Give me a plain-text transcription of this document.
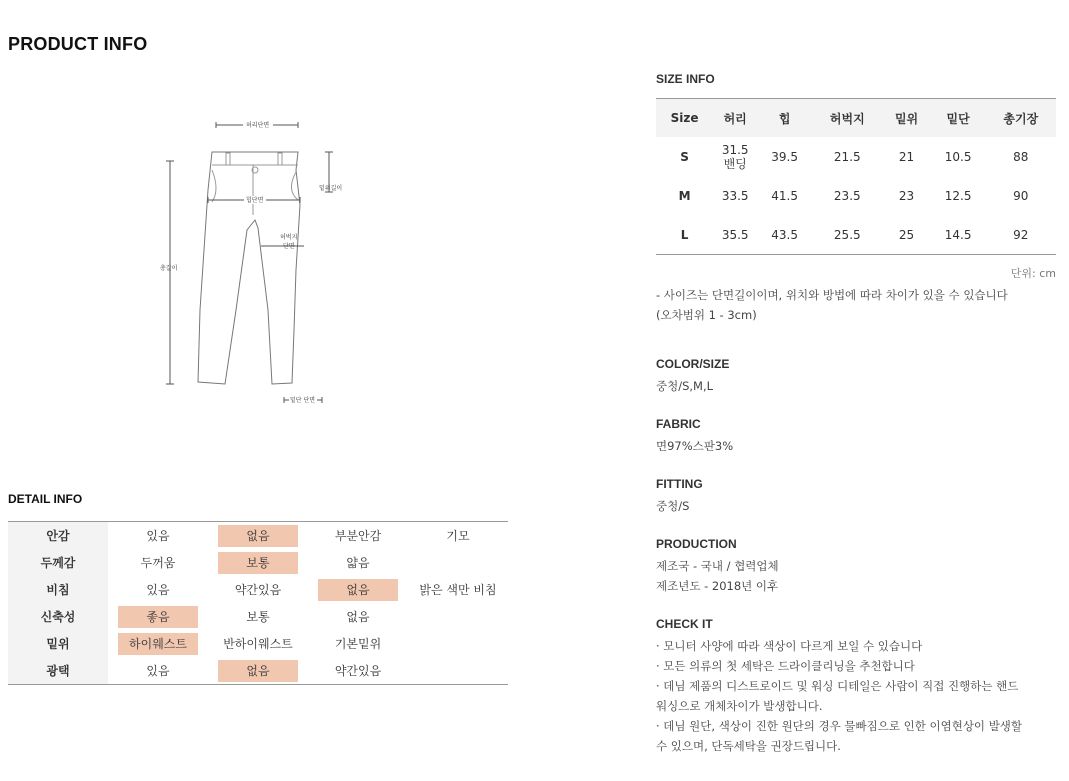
PRODUCT INFO
허리단면
힙단면
허벅지
단면
밑위길이
총길이
밑단 단면
DETAIL INFO
안감	있음	없음	부분안감	기모
두께감	두꺼움	보통	얇음	
비침	있음	약간있음	없음	밝은 색만 비침
신축성	좋음	보통	없음	
밑위	하이웨스트	반하이웨스트	기본밑위	
광택	있음	없음	약간있음	
SIZE INFO
Size	허리	힙	허벅지	밑위	밑단	총기장
S	31.5 밴딩	39.5	21.5	21	10.5	88
M	33.5	41.5	23.5	23	12.5	90
L	35.5	43.5	25.5	25	14.5	92
단위: cm
- 사이즈는 단면길이이며, 위치와 방법에 따라 차이가 있을 수 있습니다
(오차범위 1 - 3cm)
COLOR/SIZE
중청/S,M,L
FABRIC
면97%스판3%
FITTING
중청/S
PRODUCTION
제조국 - 국내 / 협력업체
제조년도 - 2018년 이후
CHECK IT
· 모니터 사양에 따라 색상이 다르게 보일 수 있습니다
· 모든 의류의 첫 세탁은 드라이클리닝을 추천합니다
· 데님 제품의 디스트로이드 및 워싱 디테일은 사람이 직접 진행하는 핸드
워싱으로 개체차이가 발생합니다.
· 데님 원단, 색상이 진한 원단의 경우 물빠짐으로 인한 이염현상이 발생할
수 있으며, 단독세탁을 권장드립니다.
